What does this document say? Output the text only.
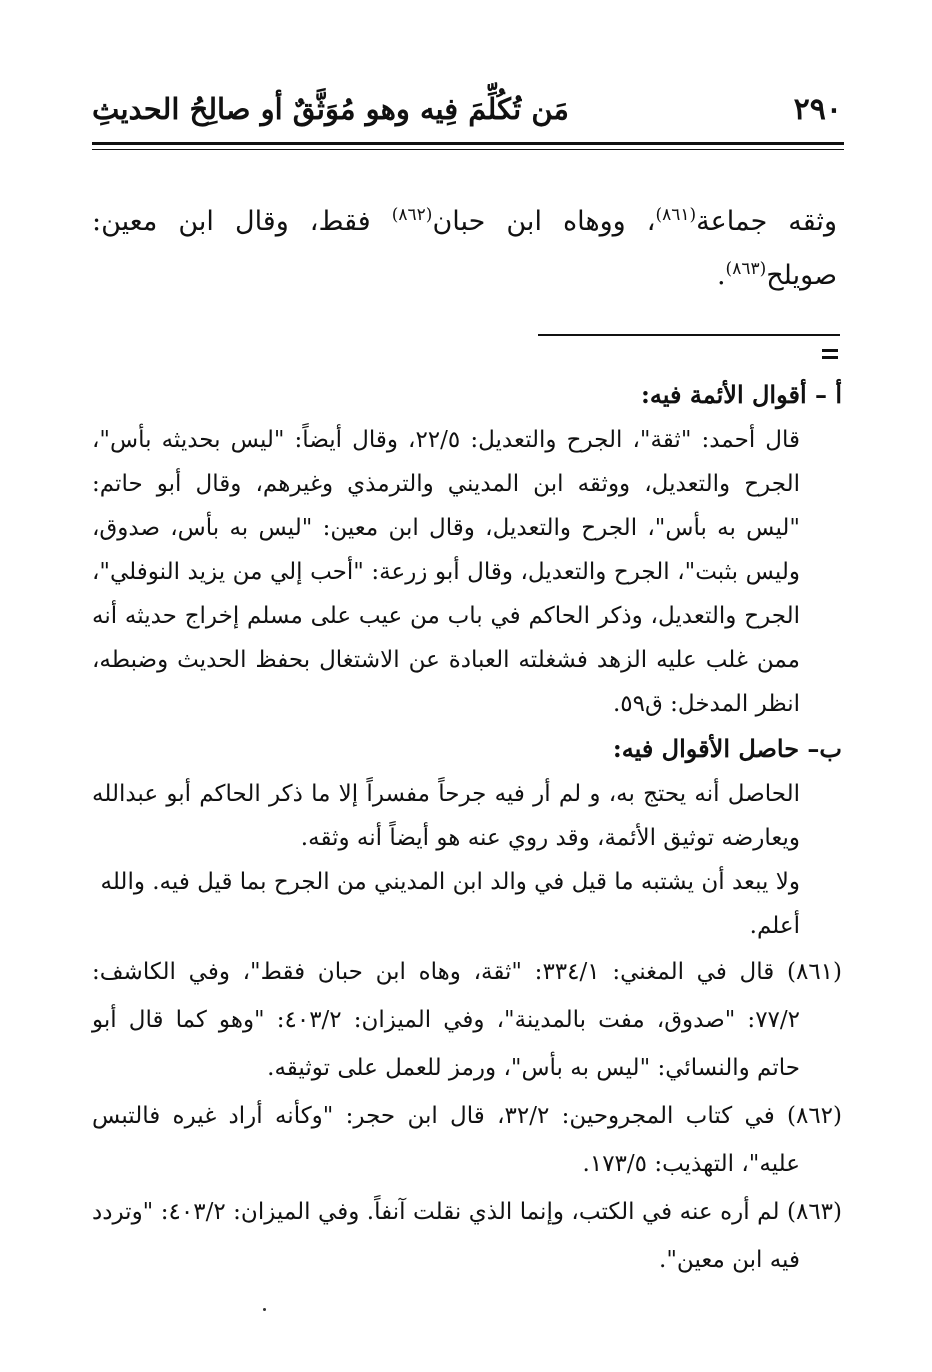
٢٩٠
مَن تُكُلِّمَ فِيه وهو مُوَثَّقٌ أو صالِحُ الحديثِ

وثقه جماعة$^{(٨٦١)}$، ووهاه ابن حبان$^{(٨٦٢)}$ فقط، وقال ابن معين: صويلح$^{(٨٦٣)}$.

أ – أقوال الأئمة فيه:

قال أحمد: "ثقة"، الجرح والتعديل: ٢٢/٥، وقال أيضاً: "ليس بحديثه بأس"، الجرح والتعديل، ووثقه ابن المديني والترمذي وغيرهم، وقال أبو حاتم: "ليس به بأس"، الجرح والتعديل، وقال ابن معين: "ليس به بأس، صدوق، وليس بثبت"، الجرح والتعديل، وقال أبو زرعة: "أحب إلي من يزيد النوفلي"، الجرح والتعديل، وذكر الحاكم في باب من عيب على مسلم إخراج حديثه أنه ممن غلب عليه الزهد فشغلته العبادة عن الاشتغال بحفظ الحديث وضبطه، انظر المدخل: ق٥٩.

ب– حاصل الأقوال فيه:

الحاصل أنه يحتج به، و لم أر فيه جرحاً مفسراً إلا ما ذكر الحاكم أبو عبدالله ويعارضه توثيق الأئمة، وقد روي عنه هو أيضاً أنه وثقه.

ولا يبعد أن يشتبه ما قيل في والد ابن المديني من الجرح بما قيل فيه. والله أعلم.

(٨٦١) قال في المغني: ٣٣٤/١: "ثقة، وهاه ابن حبان فقط"، وفي الكاشف: ٧٧/٢: "صدوق، مفت بالمدينة"، وفي الميزان: ٤٠٣/٢: "وهو كما قال أبو حاتم والنسائي: "ليس به بأس"، ورمز للعمل على توثيقه.

(٨٦٢) في كتاب المجروحين: ٣٢/٢، قال ابن حجر: "وكأنه أراد غيره فالتبس عليه"، التهذيب: ١٧٣/٥.

(٨٦٣) لم أره عنه في الكتب، وإنما الذي نقلت آنفاً. وفي الميزان: ٤٠٣/٢: "وتردد فيه ابن معين".
